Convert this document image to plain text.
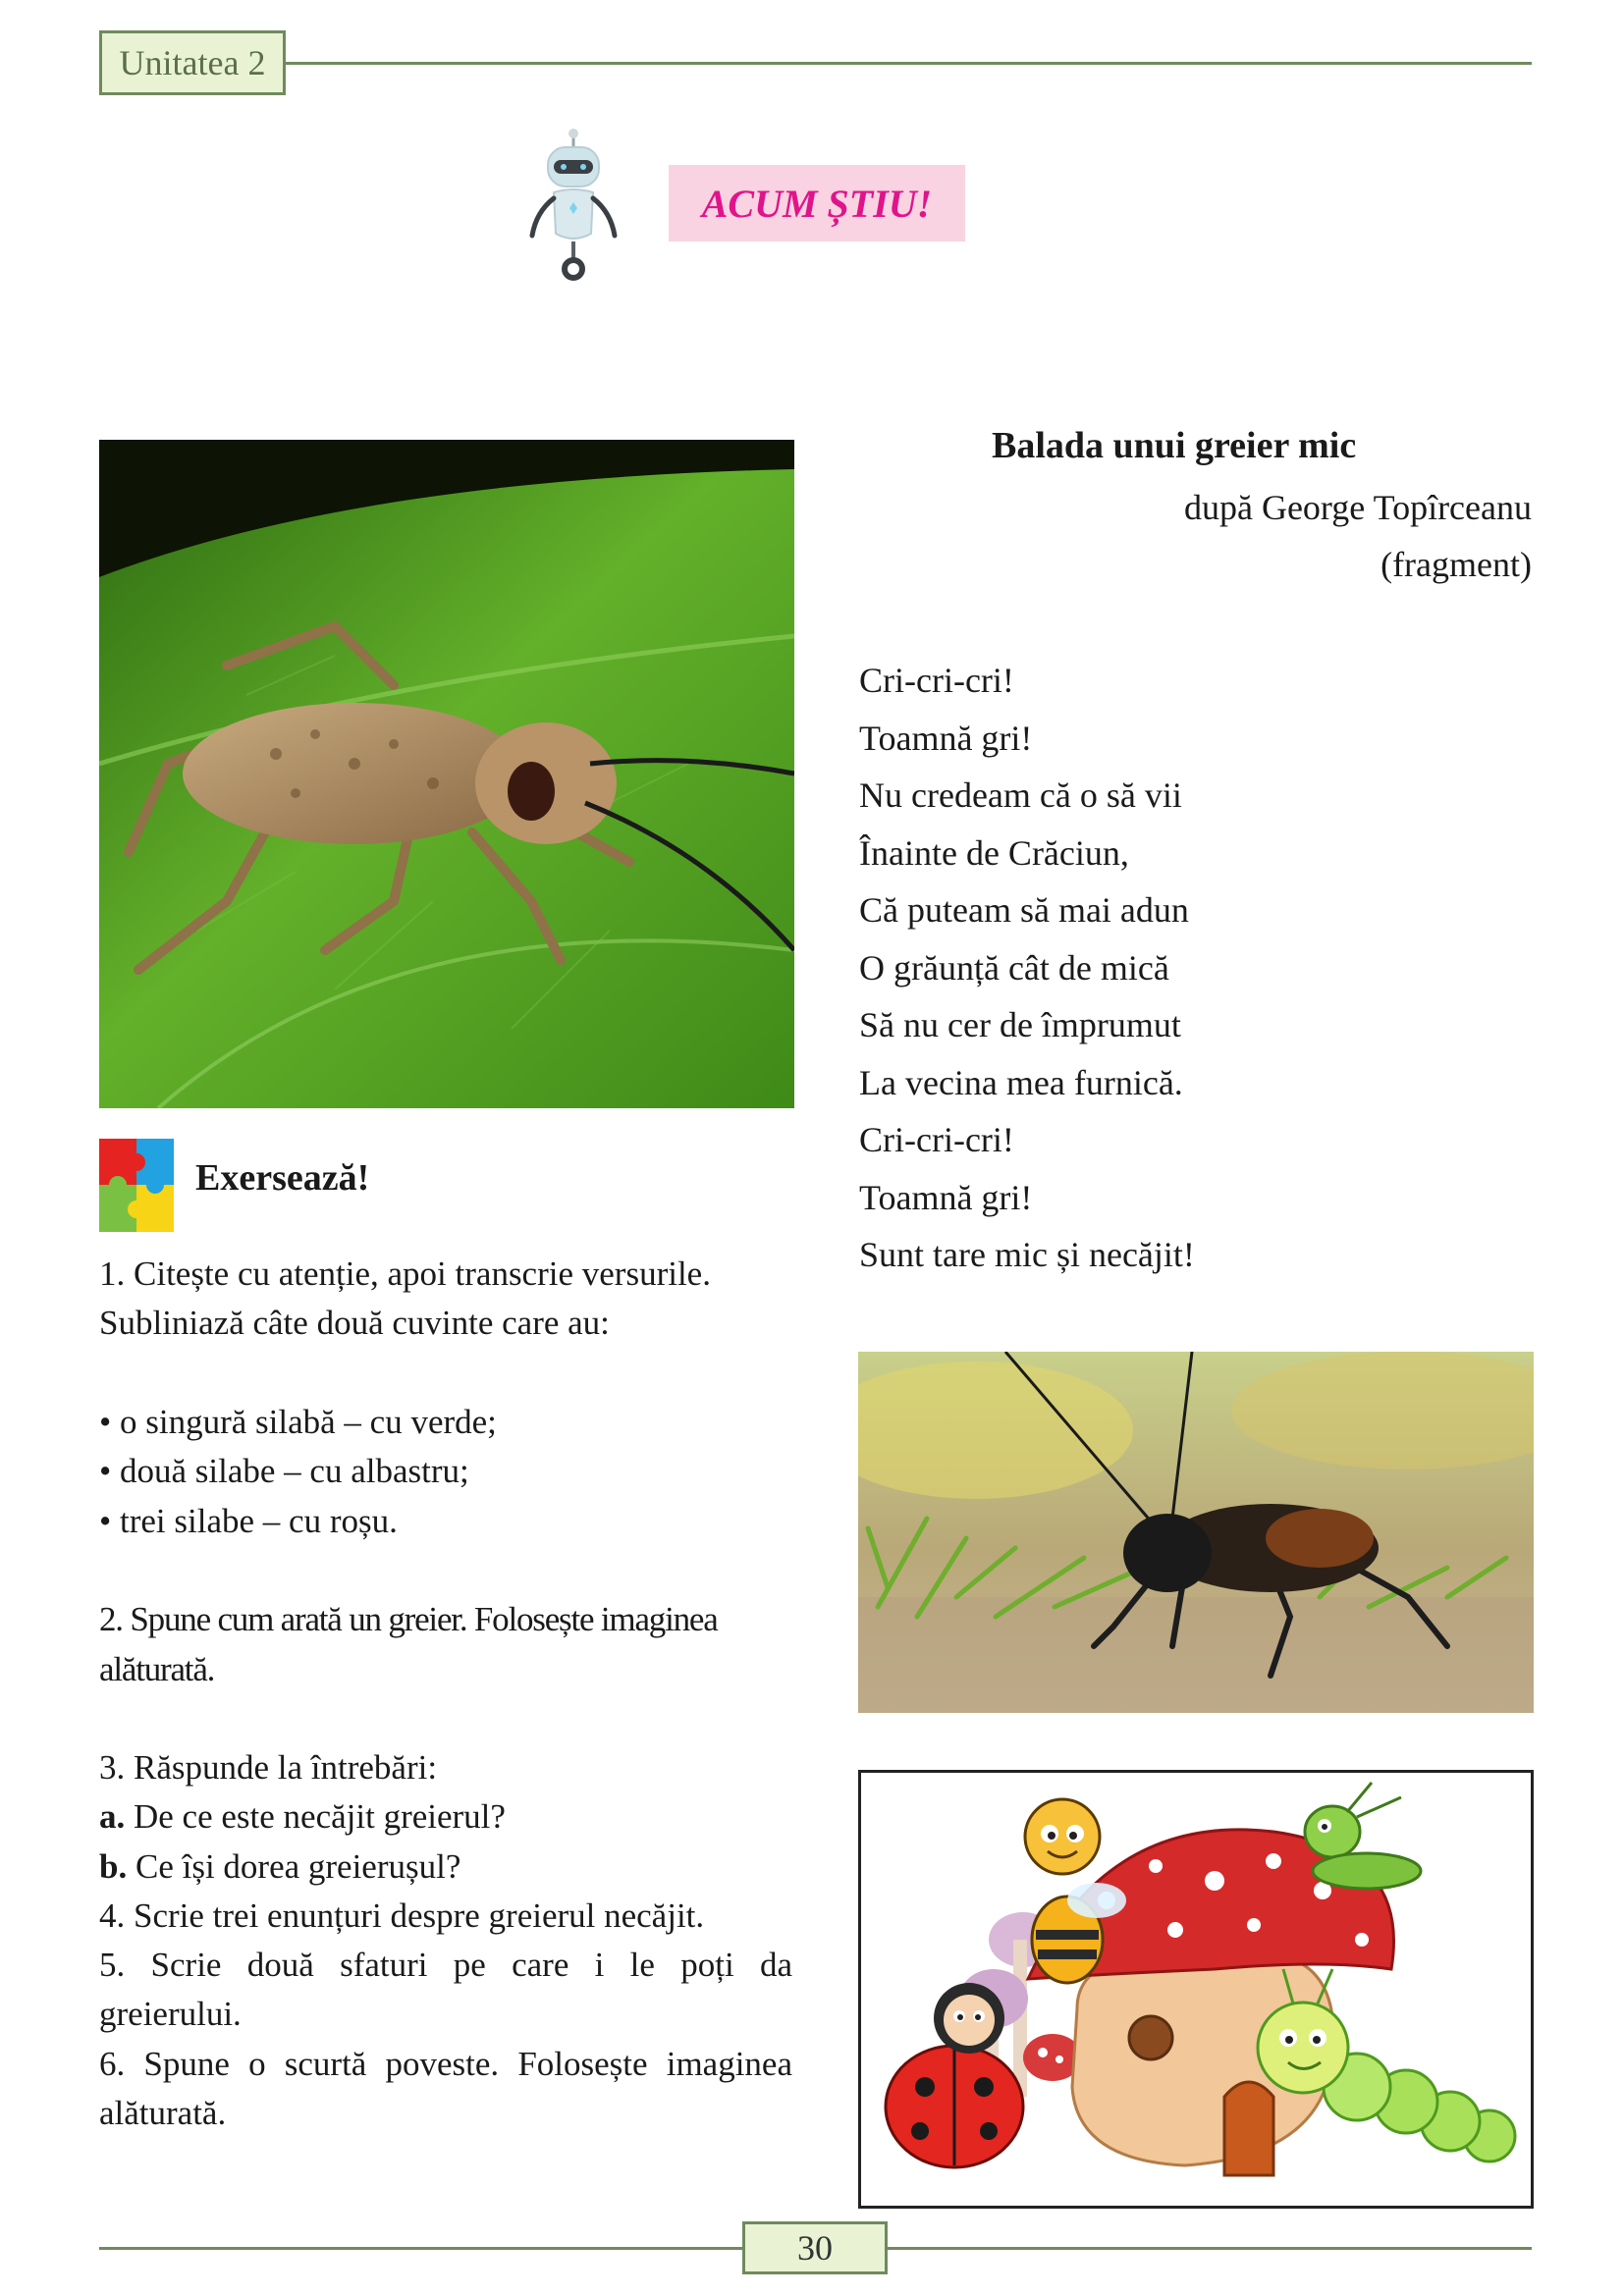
Unitatea 2
ACUM ȘTIU!
Balada unui greier mic
după George Topîrceanu
(fragment)
Cri-cri-cri!
Toamnă gri!
Nu credeam că o să vii
Înainte de Crăciun,
Că puteam să mai adun
O grăunță cât de mică
Să nu cer de împrumut
La vecina mea furnică.
Cri-cri-cri!
Toamnă gri!
Sunt tare mic și necăjit!
Exersează!
1. Citește cu atenție, apoi transcrie versurile.
Subliniază câte două cuvinte care au:
• o singură silabă – cu verde;
• două silabe – cu albastru;
• trei silabe – cu roșu.
2. Spune cum arată un greier. Folosește imaginea
alăturată.
3. Răspunde la întrebări:
a. De ce este necăjit greierul?
b. Ce își dorea greierușul?
4. Scrie trei enunțuri despre greierul necăjit.
5. Scrie două sfaturi pe care i le poți da
greierului.
6. Spune o scurtă poveste. Folosește imaginea
alăturată.
30
